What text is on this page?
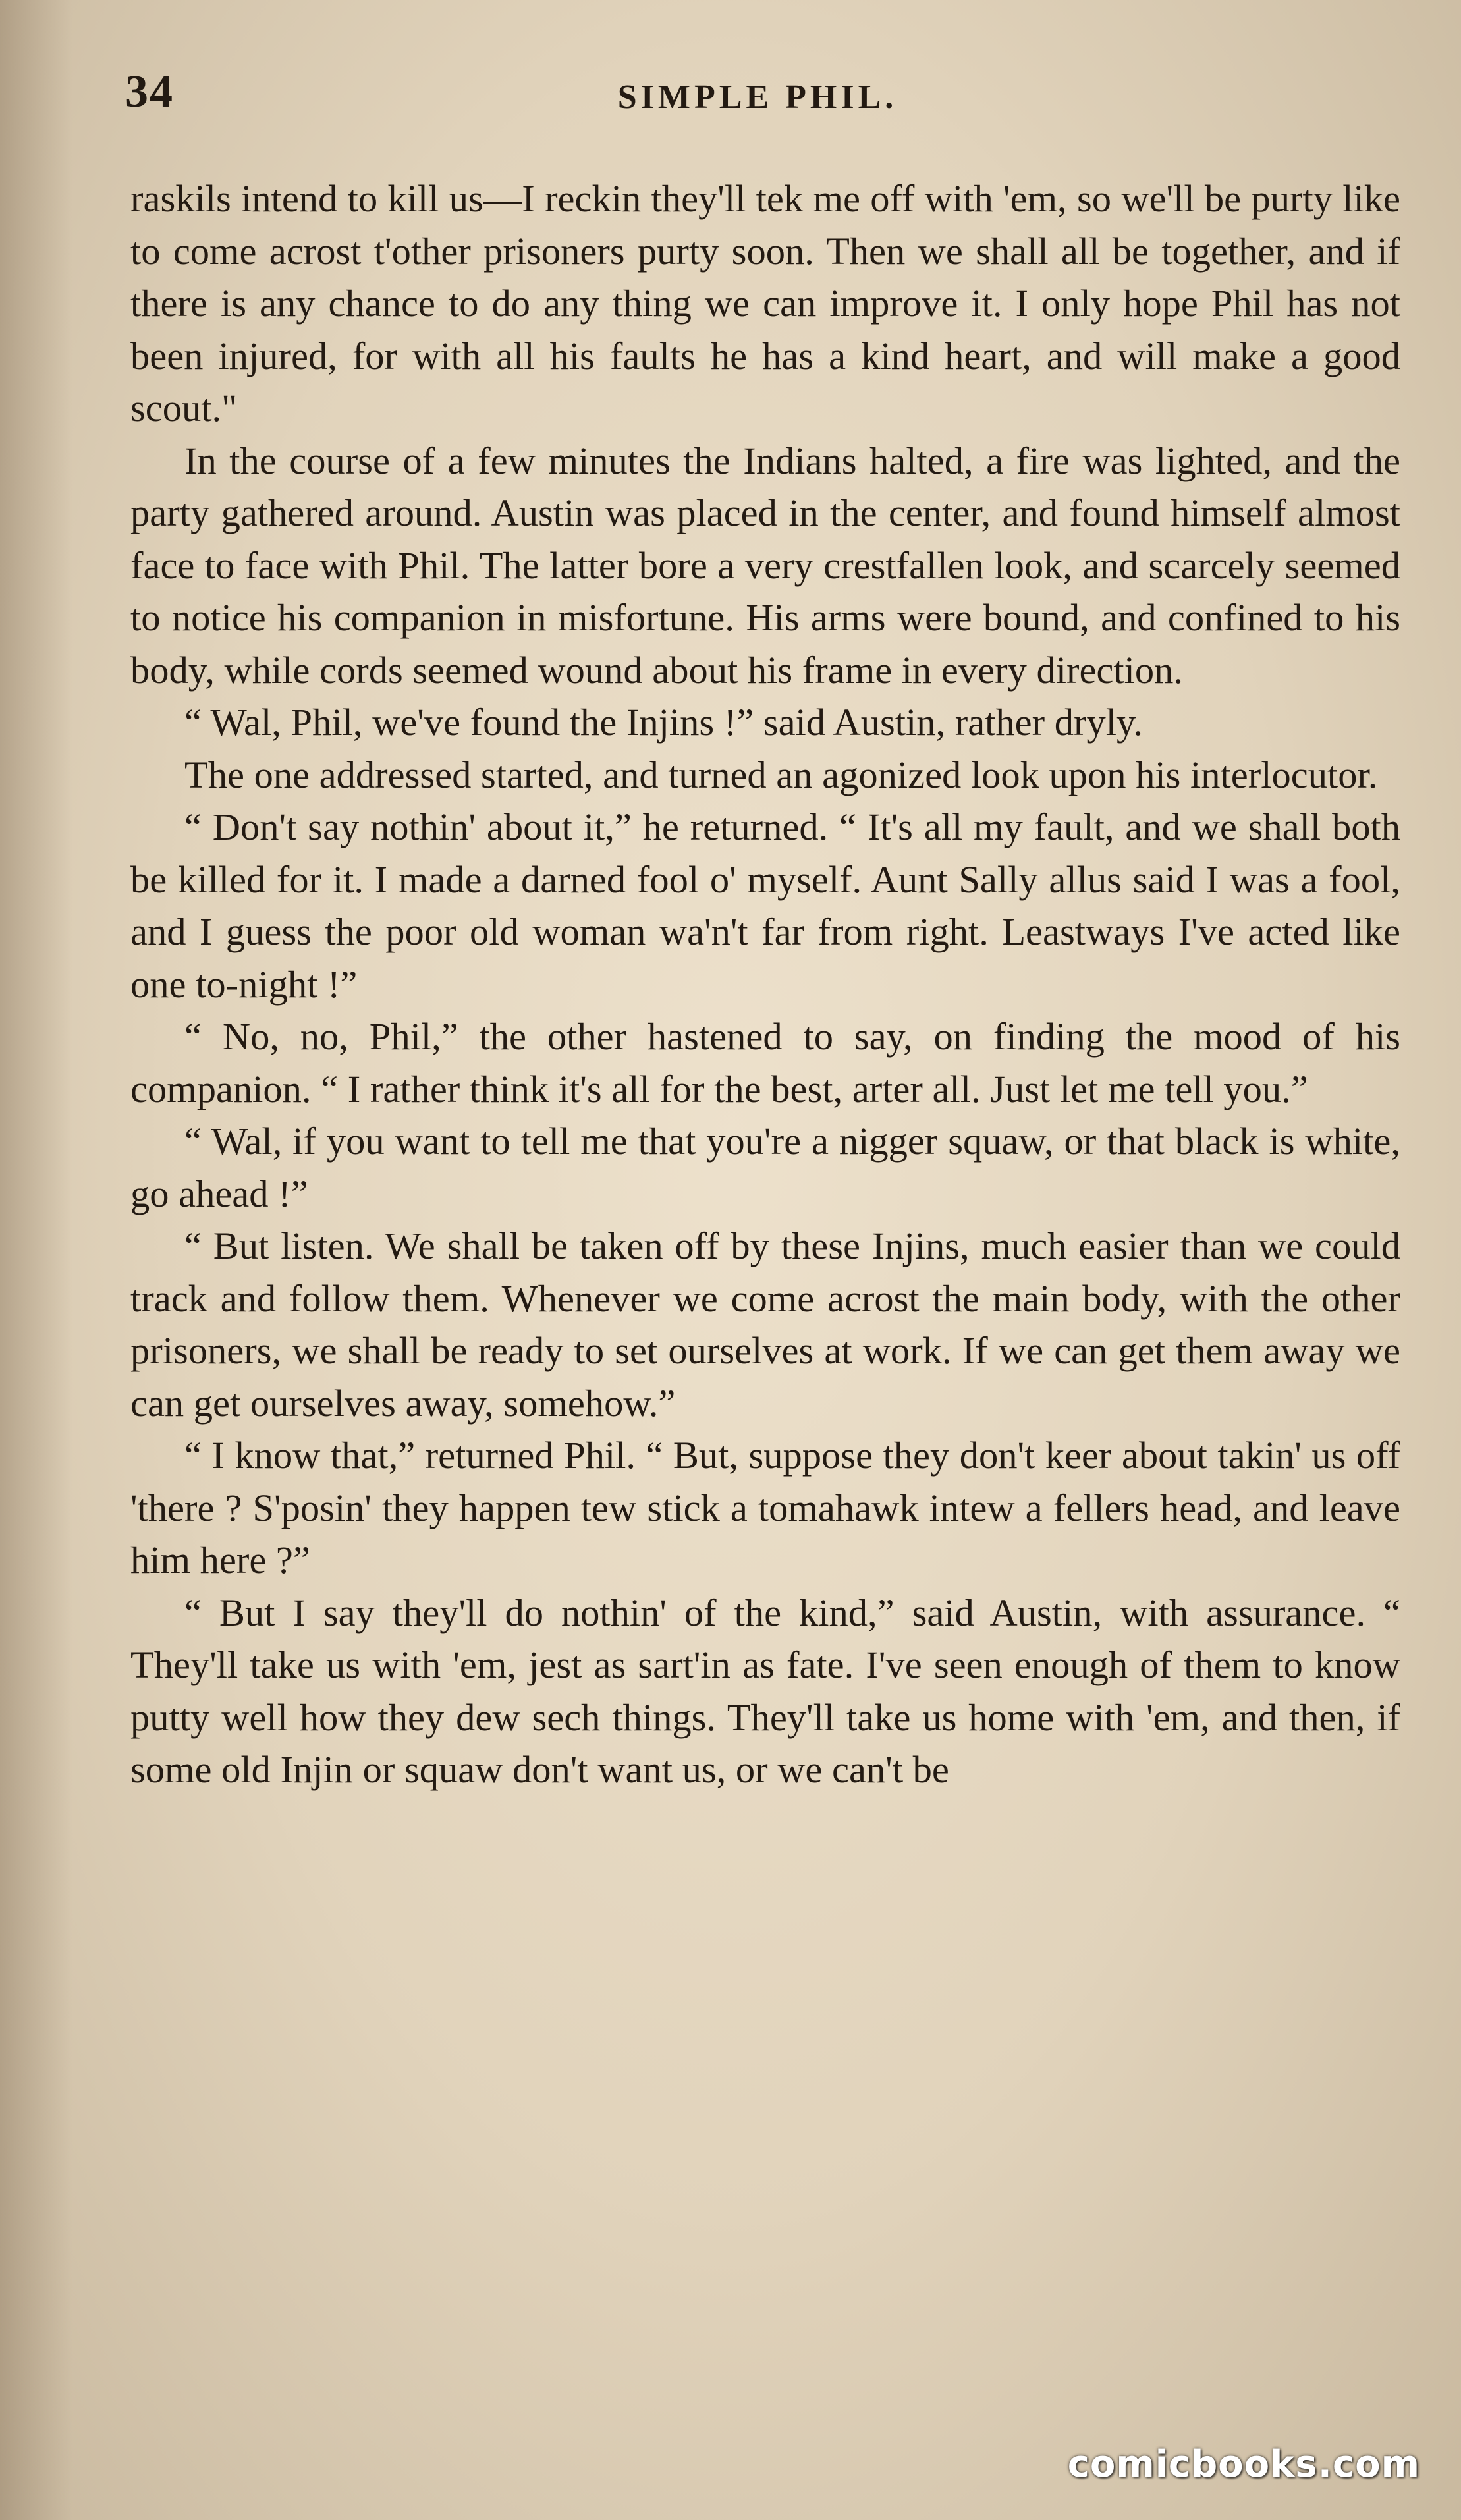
34	SIMPLE PHIL.

raskils intend to kill us—I reckin they'll tek me off with 'em, so we'll be purty like to come acrost t'other prisoners purty soon. Then we shall all be together, and if there is any chance to do any thing we can improve it. I only hope Phil has not been injured, for with all his faults he has a kind heart, and will make a good scout."

In the course of a few minutes the Indians halted, a fire was lighted, and the party gathered around. Austin was placed in the center, and found himself almost face to face with Phil. The latter bore a very crestfallen look, and scarcely seemed to notice his companion in misfortune. His arms were bound, and confined to his body, while cords seemed wound about his frame in every direction.

“ Wal, Phil, we've found the Injins !” said Austin, rather dryly.

The one addressed started, and turned an agonized look upon his interlocutor.

“ Don't say nothin' about it,” he returned. “ It's all my fault, and we shall both be killed for it. I made a darned fool o' myself. Aunt Sally allus said I was a fool, and I guess the poor old woman wa'n't far from right. Leastways I've acted like one to-night !”

“ No, no, Phil,” the other hastened to say, on finding the mood of his companion. “ I rather think it's all for the best, arter all. Just let me tell you.”

“ Wal, if you want to tell me that you're a nigger squaw, or that black is white, go ahead !”

“ But listen. We shall be taken off by these Injins, much easier than we could track and follow them. Whenever we come acrost the main body, with the other prisoners, we shall be ready to set ourselves at work. If we can get them away we can get ourselves away, somehow.”

“ I know that,” returned Phil. “ But, suppose they don't keer about takin' us off 'there ? S'posin' they happen tew stick a tomahawk intew a fellers head, and leave him here ?”

“ But I say they'll do nothin' of the kind,” said Austin, with assurance. “ They'll take us with 'em, jest as sart'in as fate. I've seen enough of them to know putty well how they dew sech things. They'll take us home with 'em, and then, if some old Injin or squaw don't want us, or we can't be

comicbooks.com
